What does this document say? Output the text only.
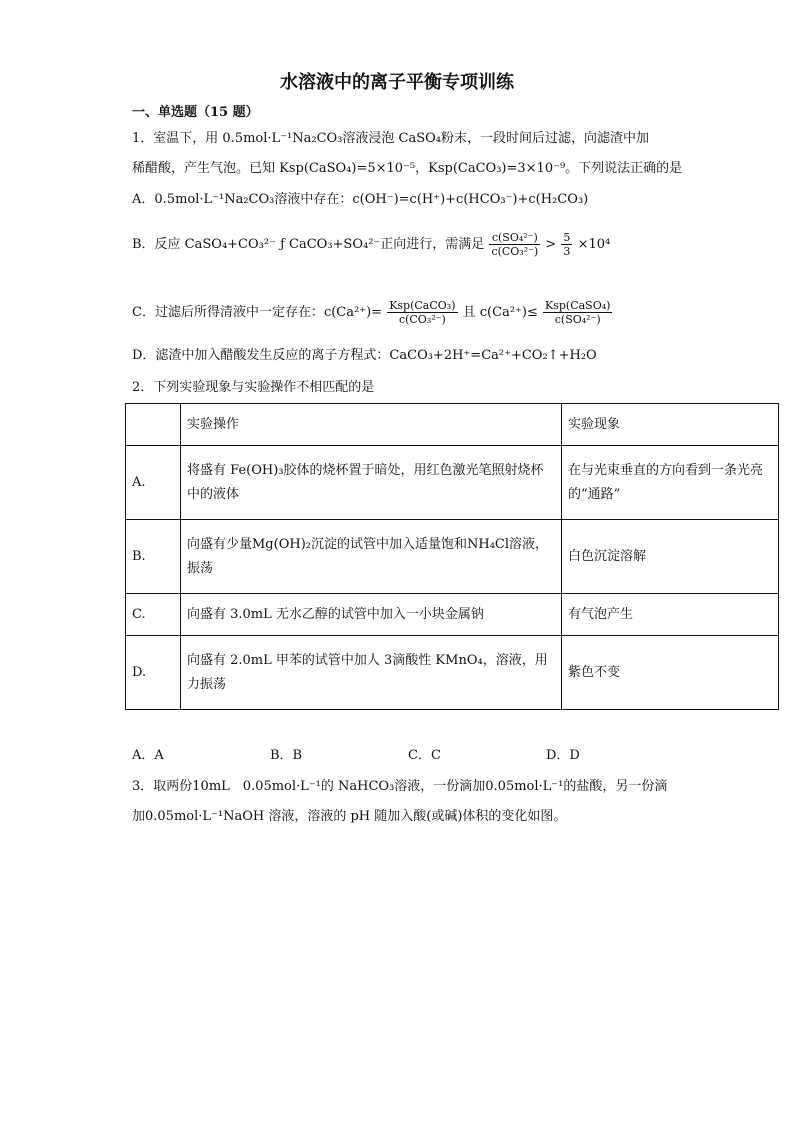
水溶液中的离子平衡专项训练
一、单选题（15 题）
1．室温下，用 0.5mol·L⁻¹Na₂CO₃溶液浸泡 CaSO₄粉末，一段时间后过滤，向滤渣中加
稀醋酸，产生气泡。已知 Ksp(CaSO₄)=5×10⁻⁵，Ksp(CaCO₃)=3×10⁻⁹。下列说法正确的是
A．0.5mol·L⁻¹Na₂CO₃溶液中存在：c(OH⁻)=c(H⁺)+c(HCO₃⁻)+c(H₂CO₃)
B．反应 CaSO₄+CO₃²⁻ ƒ CaCO₃+SO₄²⁻正向进行，需满足 $\frac{\text{c(SO₄²⁻)}}{\text{c(CO₃²⁻)}} > \frac{5}{3} \times 10^4$
C．过滤后所得清液中一定存在：$c(Ca^{2+})= \frac{\text{Ksp(CaCO₃)}}{\text{c(CO₃²⁻)}}$ 且 $c(Ca^{2+})\le \frac{\text{Ksp(CaSO₄)}}{\text{c(SO₄²⁻)}}$
D．滤渣中加入醋酸发生反应的离子方程式：CaCO₃+2H⁺=Ca²⁺+CO₂↑+H₂O
2．下列实验现象与实验操作不相匹配的是
	实验操作	实验现象
A.	将盛有 Fe(OH)₃胶体的烧杯置于暗处，用红色激光笔照射烧杯中的液体	在与光束垂直的方向看到一条光亮的“通路”
B.	向盛有少量Mg(OH)₂沉淀的试管中加入适量饱和NH₄Cl溶液，振荡	白色沉淀溶解
C.	向盛有 3.0mL 无水乙醇的试管中加入一小块金属钠	有气泡产生
D.	向盛有 2.0mL 甲苯的试管中加人 3滴酸性 KMnO₄，溶液，用力振荡	紫色不变
A．A	B．B	C．C	D．D
3．取两份10mL　0.05mol·L⁻¹的 NaHCO₃溶液，一份滴加0.05mol·L⁻¹的盐酸，另一份滴
加0.05mol·L⁻¹NaOH 溶液，溶液的 pH 随加入酸(或碱)体积的变化如图。
